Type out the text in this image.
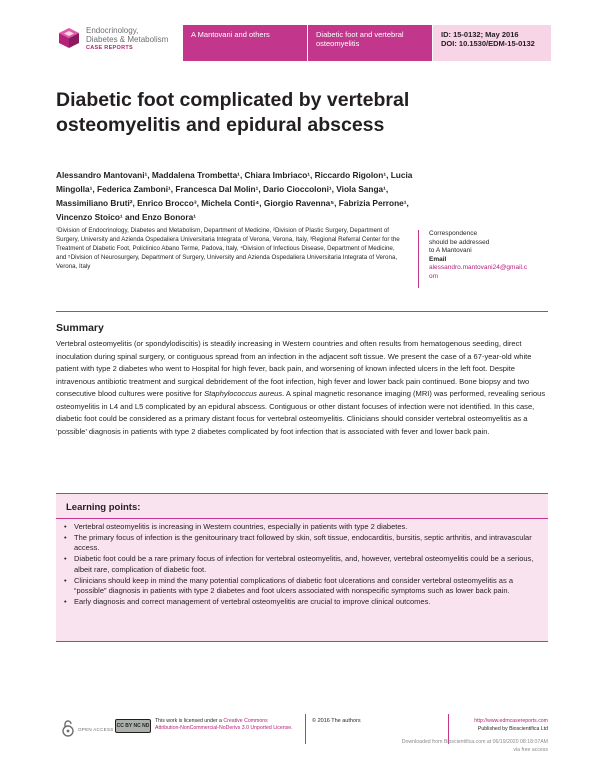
Endocrinology,
Diabetes & Metabolism
CASE REPORTS
A Mantovani and others	Diabetic foot and vertebral osteomyelitis
ID: 15-0132; May 2016
DOI: 10.1530/EDM-15-0132
Diabetic foot complicated by vertebral osteomyelitis and epidural abscess
Alessandro Mantovani¹, Maddalena Trombetta¹, Chiara Imbriaco¹, Riccardo Rigolon¹, Lucia Mingolla¹, Federica Zamboni¹, Francesca Dal Molin¹, Dario Cioccoloni¹, Viola Sanga¹, Massimiliano Bruti², Enrico Brocco³, Michela Conti⁴, Giorgio Ravenna⁵, Fabrizia Perrone¹, Vincenzo Stoico¹ and Enzo Bonora¹
¹Division of Endocrinology, Diabetes and Metabolism, Department of Medicine, ²Division of Plastic Surgery, Department of Surgery, University and Azienda Ospedaliera Universitaria Integrata of Verona, Verona, Italy, ³Regional Referral Center for the Treatment of Diabetic Foot, Policlinico Abano Terme, Padova, Italy, ⁴Division of Infectious Disease, Department of Medicine, and ⁵Division of Neurosurgery, Department of Surgery, University and Azienda Ospedaliera Universitaria Integrata of Verona, Verona, Italy
Correspondence
should be addressed
to A Mantovani
Email
alessandro.mantovani24@gmail.com
Summary

Vertebral osteomyelitis (or spondylodiscitis) is steadily increasing in Western countries and often results from hematogenous seeding, direct inoculation during spinal surgery, or contiguous spread from an infection in the adjacent soft tissue. We present the case of a 67-year-old white patient with type 2 diabetes who went to Hospital for high fever, back pain, and worsening of known infected ulcers in the left foot. Despite intravenous antibiotic treatment and surgical debridement of the foot infection, high fever and lower back pain continued. Bone biopsy and two consecutive blood cultures were positive for Staphylococcus aureus. A spinal magnetic resonance imaging (MRI) was performed, revealing serious osteomyelitis in L4 and L5 complicated by an epidural abscess. Contiguous or other distant focuses of infection were not identified. In this case, diabetic foot could be considered as a primary distant focus for vertebral osteomyelitis. Clinicians should consider vertebral osteomyelitis as a ‘possible’ diagnosis in patients with type 2 diabetes complicated by foot infection that is associated with fever and lower back pain.

Learning points:
• Vertebral osteomyelitis is increasing in Western countries, especially in patients with type 2 diabetes.
• The primary focus of infection is the genitourinary tract followed by skin, soft tissue, endocarditis, bursitis, septic arthritis, and intravascular access.
• Diabetic foot could be a rare primary focus of infection for vertebral osteomyelitis, and, however, vertebral osteomyelitis could be a serious, albeit rare, complication of diabetic foot.
• Clinicians should keep in mind the many potential complications of diabetic foot ulcerations and consider vertebral osteomyelitis as a “possible” diagnosis in patients with type 2 diabetes and foot ulcers associated with nonspecific symptoms such as lower back pain.
• Early diagnosis and correct management of vertebral osteomyelitis are crucial to improve clinical outcomes.
OPEN ACCESS
CC BY NC ND
This work is licensed under a Creative Commons Attribution-NonCommercial-NoDerivs 3.0 Unported License.
© 2016 The authors	http://www.edmcasereports.com
Published by Bioscientifica Ltd
Downloaded from Bioscientifica.com at 06/19/2020 08:18:07AM
via free access
